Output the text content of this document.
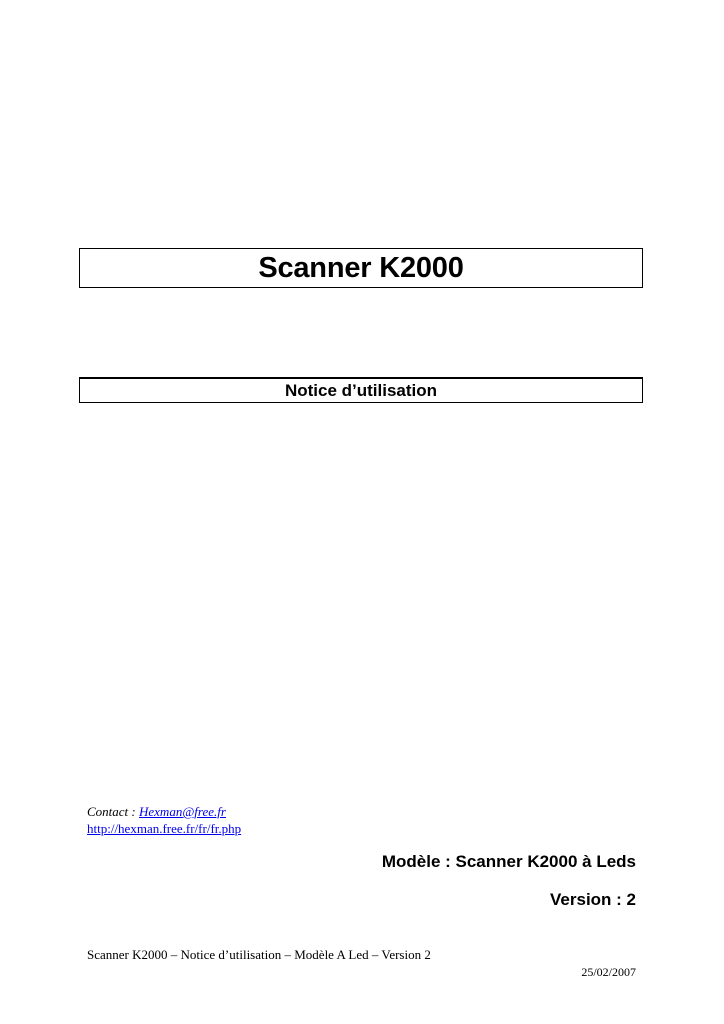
Scanner K2000
Notice d’utilisation
Contact : Hexman@free.fr
http://hexman.free.fr/fr/fr.php
Modèle : Scanner K2000 à Leds
Version : 2
Scanner K2000 – Notice d’utilisation – Modèle A Led – Version 2
25/02/2007
